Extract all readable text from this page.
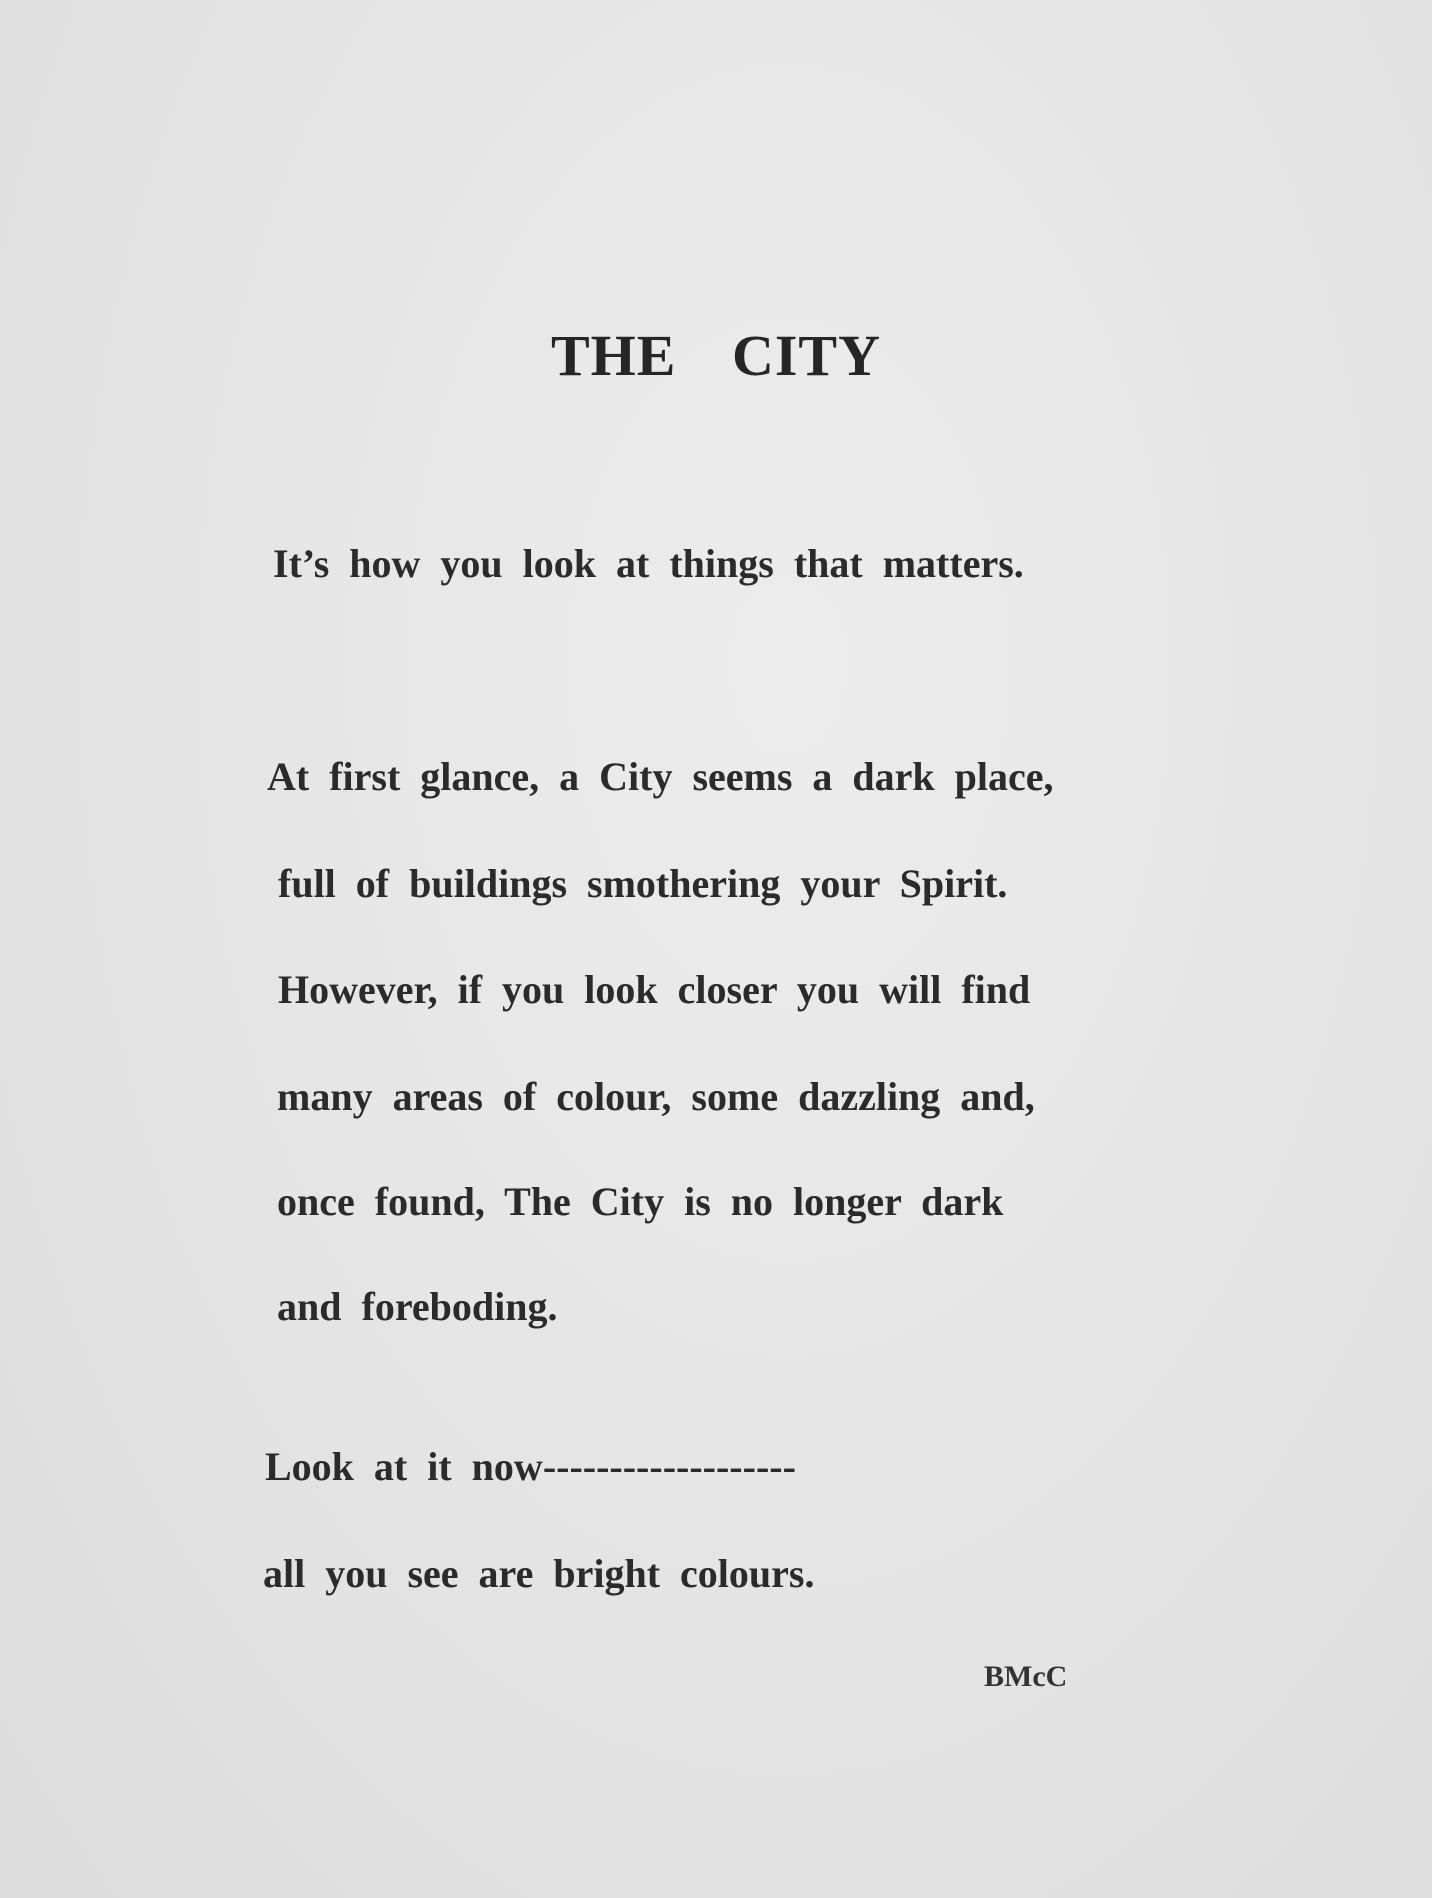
THE CITY

It’s how you look at things that matters.

At first glance, a City seems a dark place,

full of buildings smothering your Spirit.

However, if you look closer you will find

many areas of colour, some dazzling and,

once found, The City is no longer dark

and foreboding.

Look at it now-------------------

all you see are bright colours.

BMcC
